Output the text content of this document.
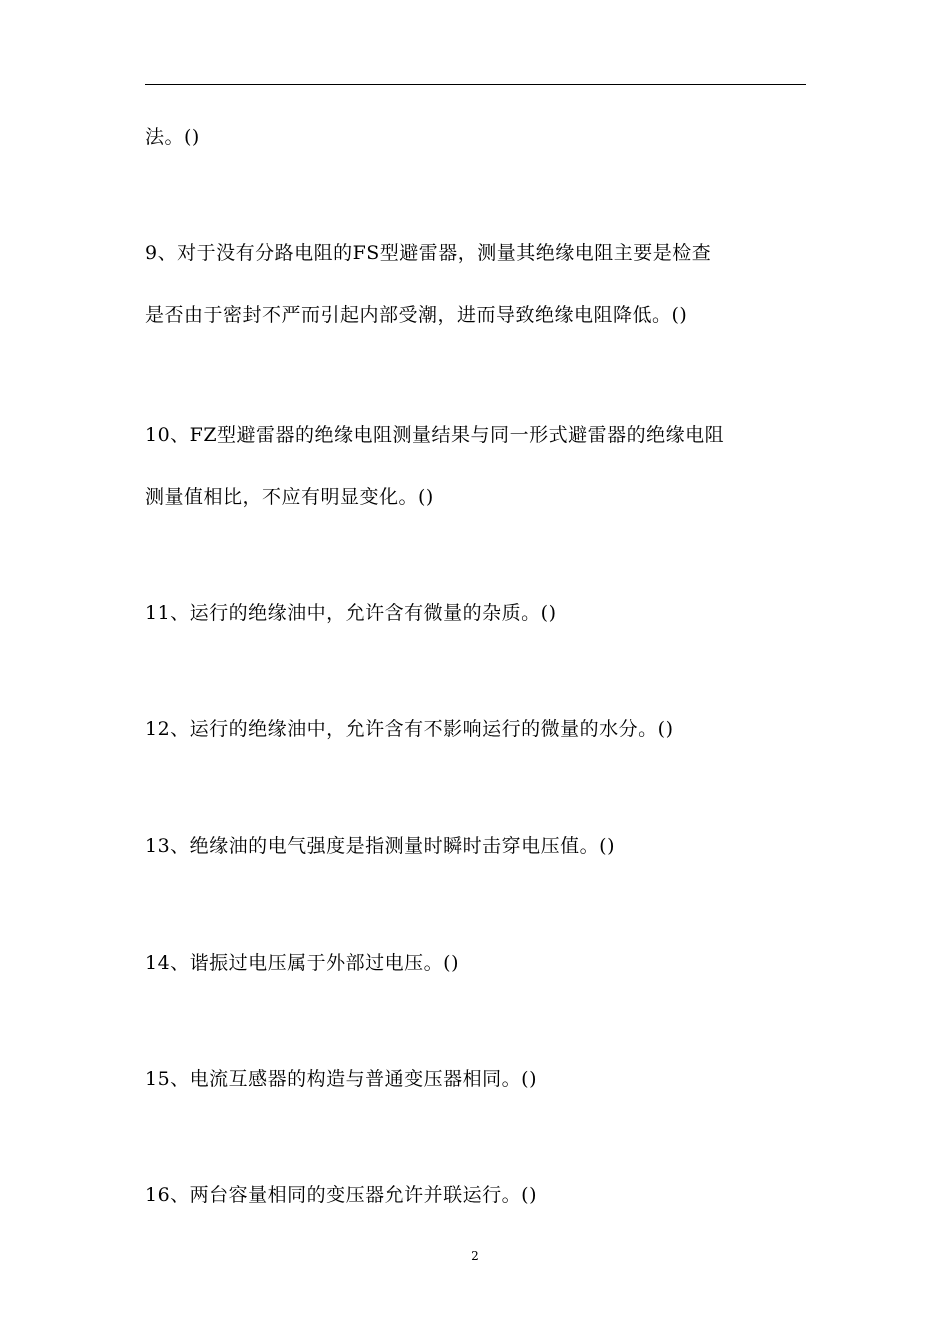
法。()
9、对于没有分路电阻的FS型避雷器，测量其绝缘电阻主要是检查
是否由于密封不严而引起内部受潮，进而导致绝缘电阻降低。()
10、FZ型避雷器的绝缘电阻测量结果与同一形式避雷器的绝缘电阻
测量值相比，不应有明显变化。()
11、运行的绝缘油中，允许含有微量的杂质。()
12、运行的绝缘油中，允许含有不影响运行的微量的水分。()
13、绝缘油的电气强度是指测量时瞬时击穿电压值。()
14、谐振过电压属于外部过电压。()
15、电流互感器的构造与普通变压器相同。()
16、两台容量相同的变压器允许并联运行。()
2
